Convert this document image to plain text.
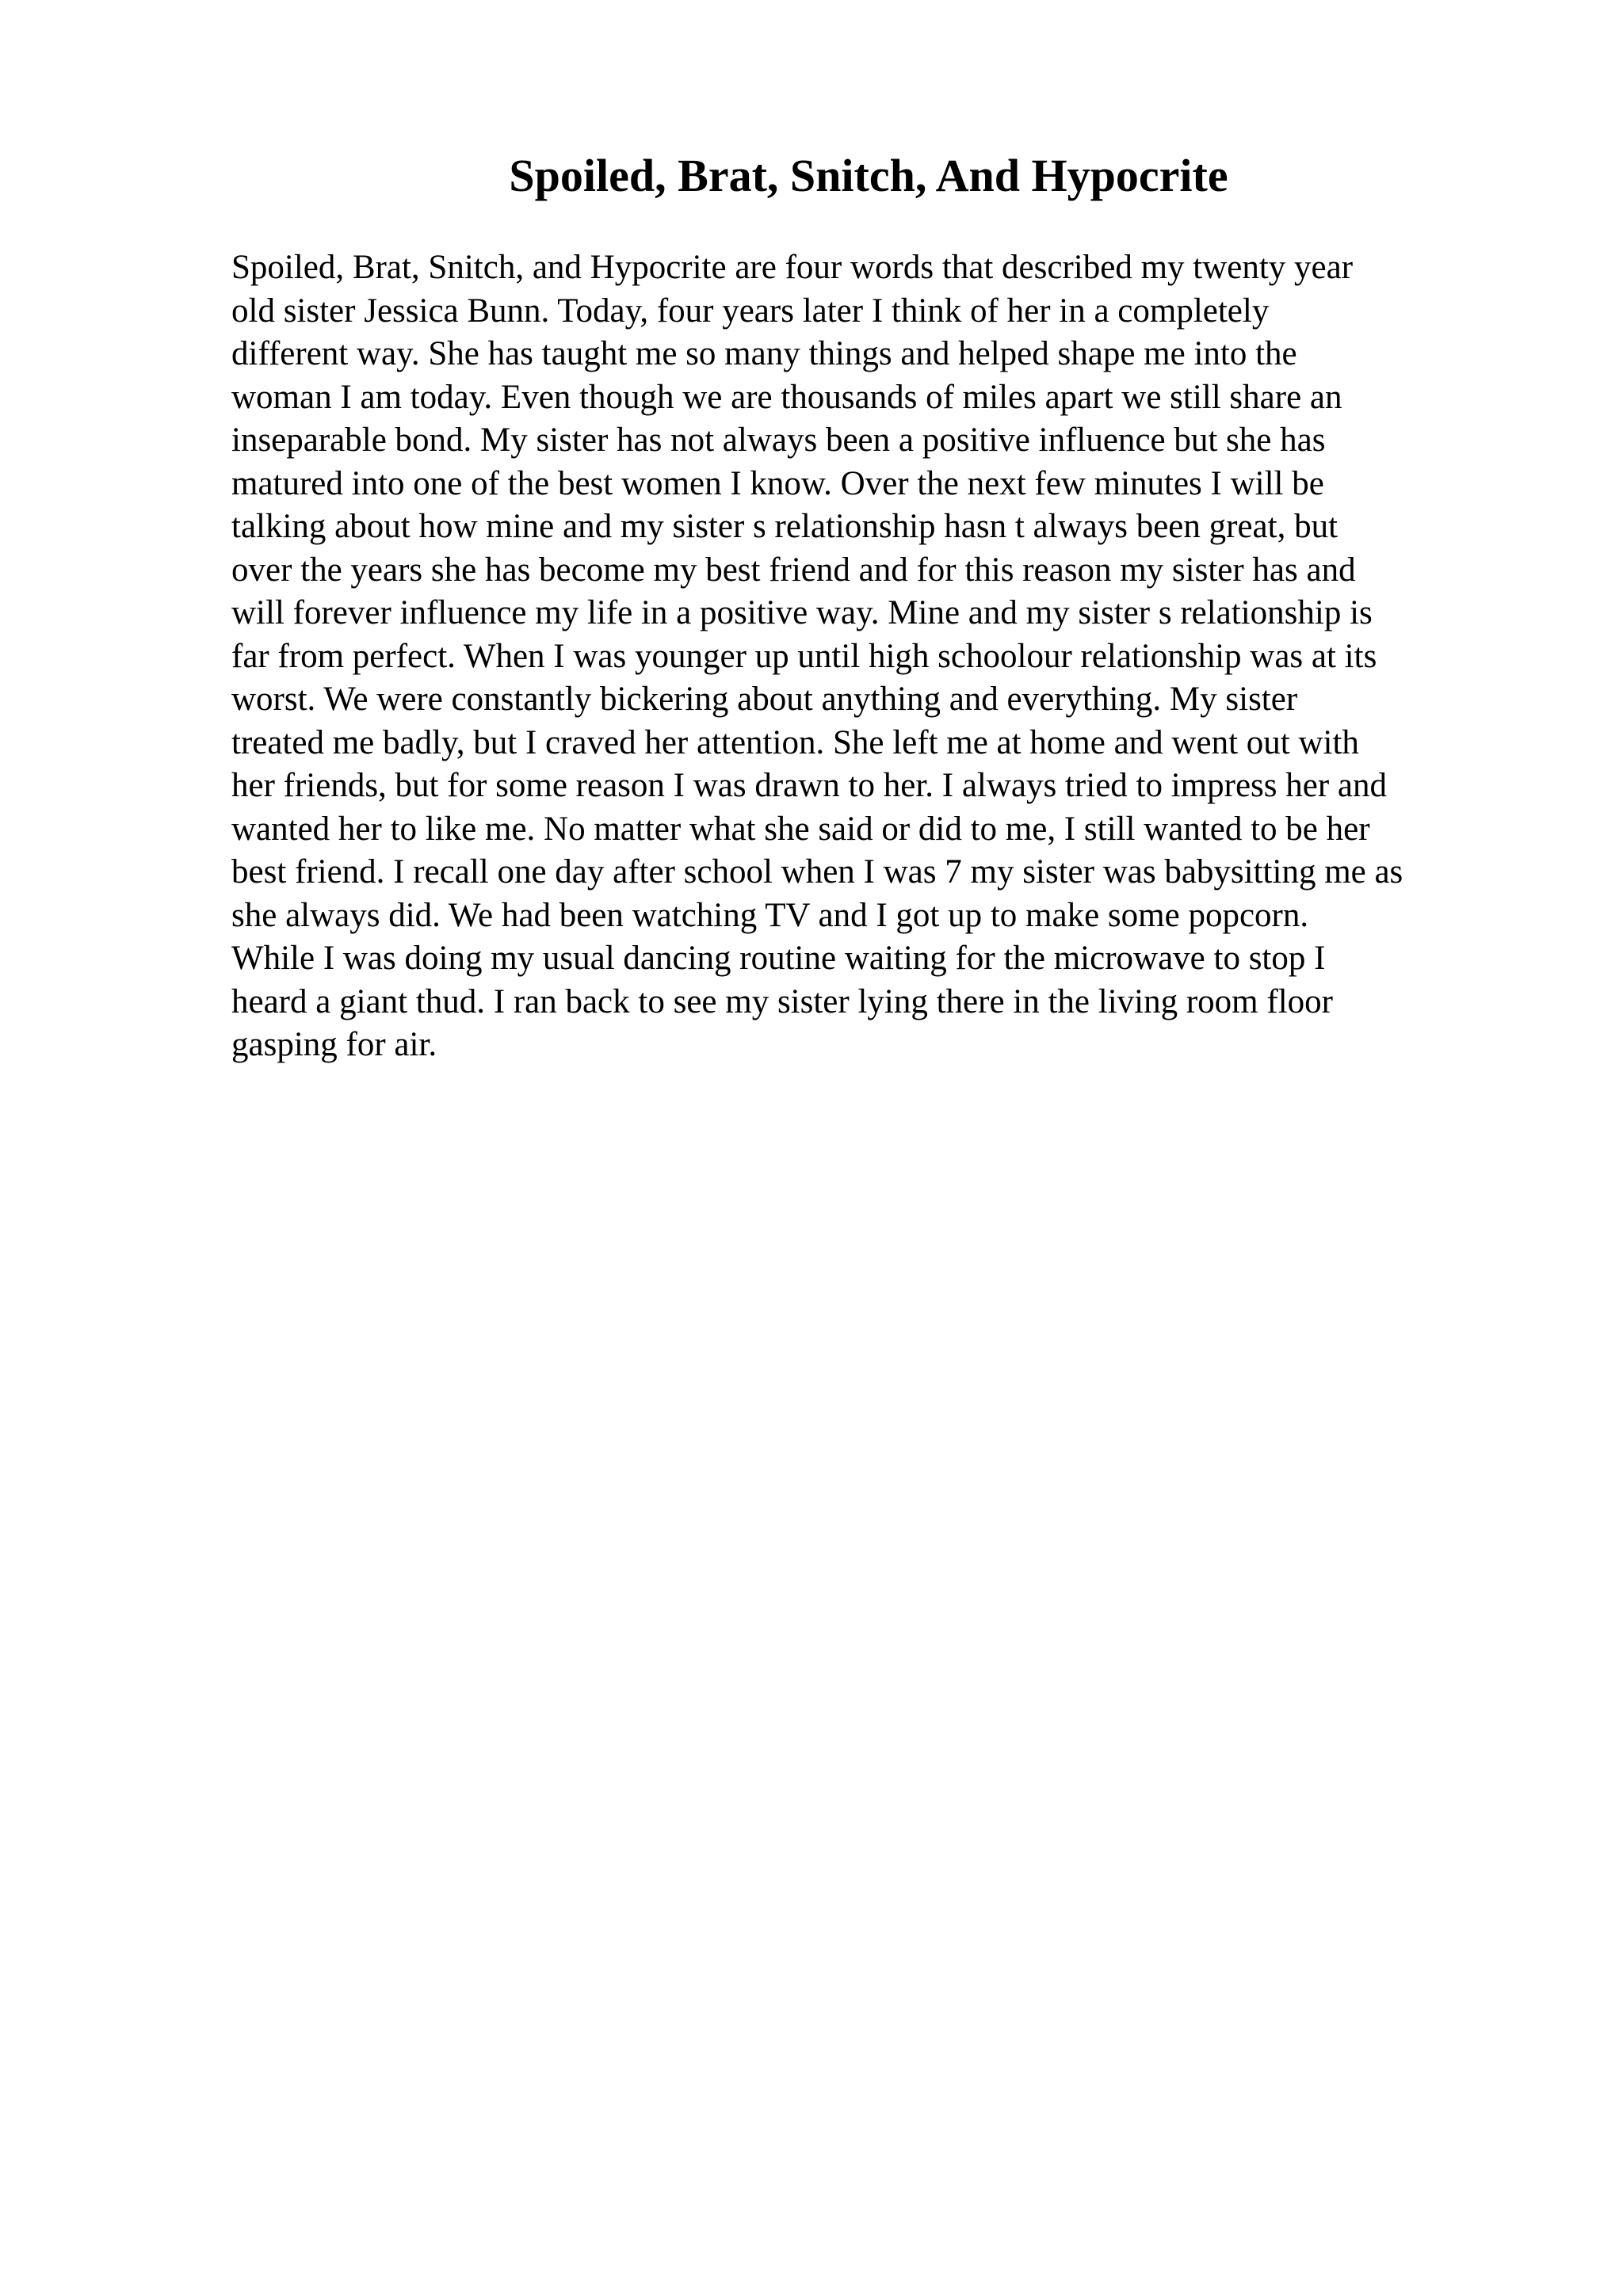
Spoiled, Brat, Snitch, And Hypocrite
Spoiled, Brat, Snitch, and Hypocrite are four words that described my twenty year
old sister Jessica Bunn. Today, four years later I think of her in a completely
different way. She has taught me so many things and helped shape me into the
woman I am today. Even though we are thousands of miles apart we still share an
inseparable bond. My sister has not always been a positive influence but she has
matured into one of the best women I know. Over the next few minutes I will be
talking about how mine and my sister s relationship hasn t always been great, but
over the years she has become my best friend and for this reason my sister has and
will forever influence my life in a positive way. Mine and my sister s relationship is
far from perfect. When I was younger up until high schoolour relationship was at its
worst. We were constantly bickering about anything and everything. My sister
treated me badly, but I craved her attention. She left me at home and went out with
her friends, but for some reason I was drawn to her. I always tried to impress her and
wanted her to like me. No matter what she said or did to me, I still wanted to be her
best friend. I recall one day after school when I was 7 my sister was babysitting me as
she always did. We had been watching TV and I got up to make some popcorn.
While I was doing my usual dancing routine waiting for the microwave to stop I
heard a giant thud. I ran back to see my sister lying there in the living room floor
gasping for air.
